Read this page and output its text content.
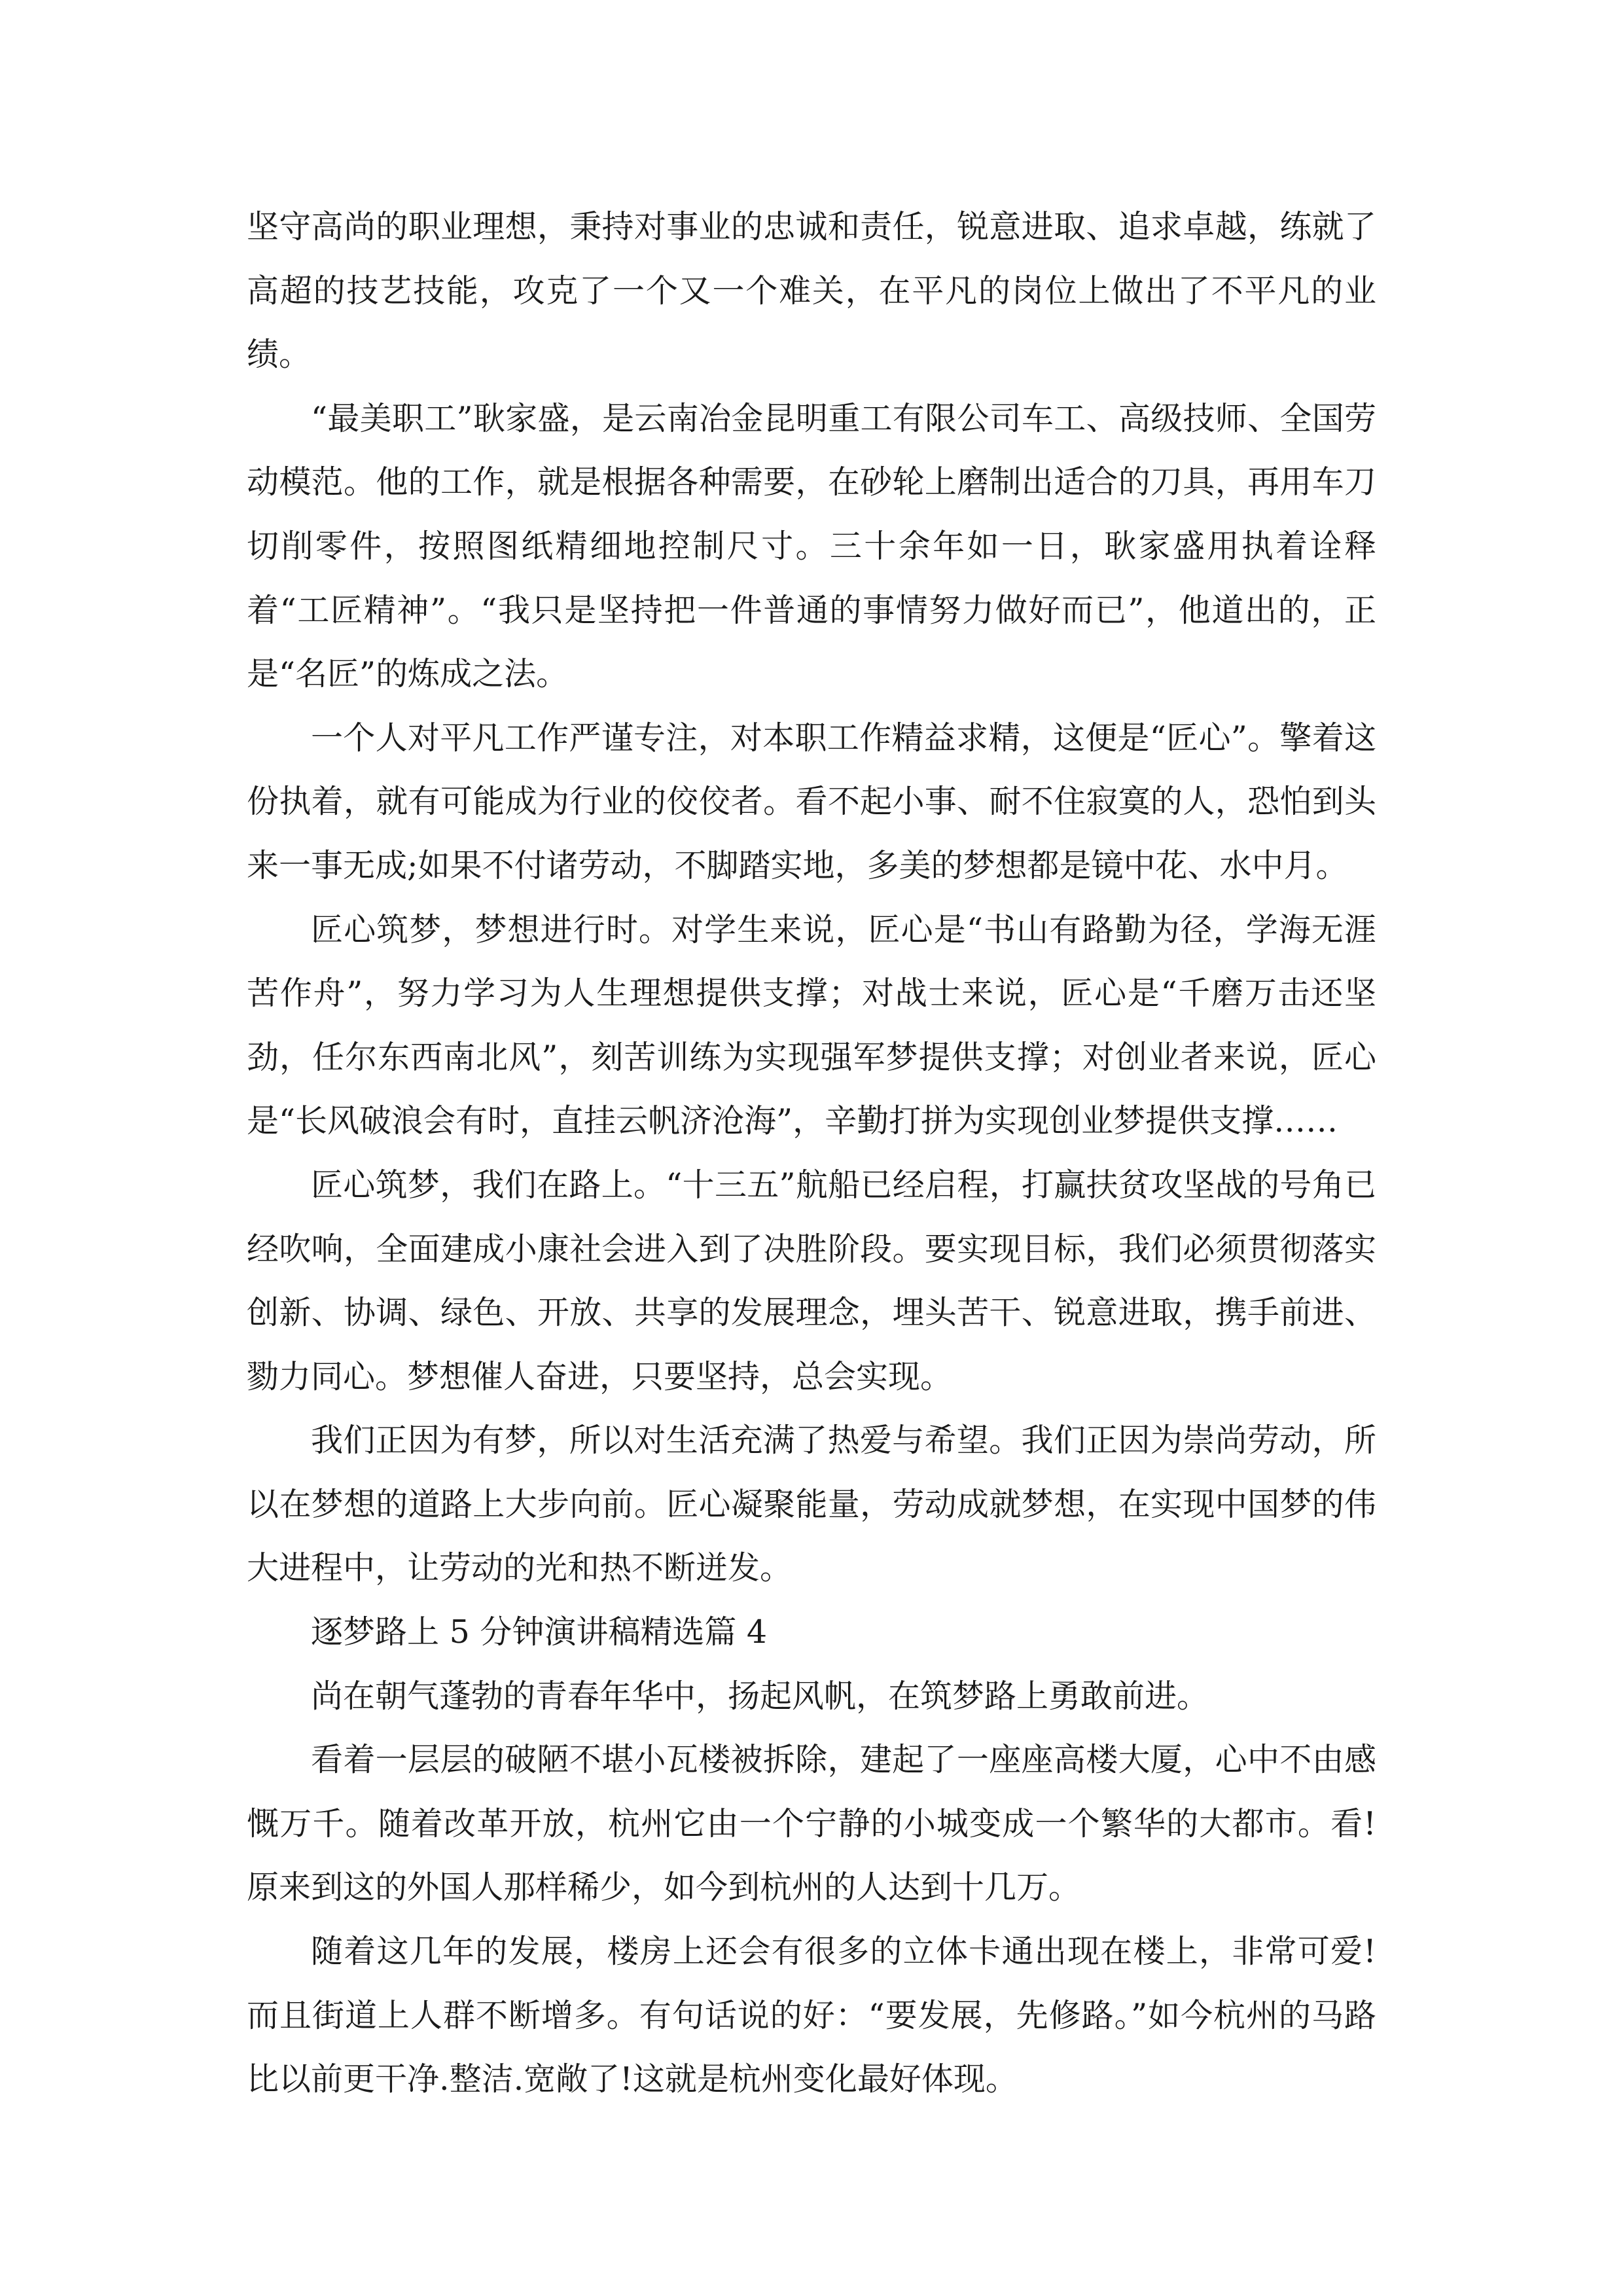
坚守高尚的职业理想，秉持对事业的忠诚和责任，锐意进取、追求卓越，练就了高超的技艺技能，攻克了一个又一个难关，在平凡的岗位上做出了不平凡的业绩。

“最美职工”耿家盛，是云南冶金昆明重工有限公司车工、高级技师、全国劳动模范。他的工作，就是根据各种需要，在砂轮上磨制出适合的刀具，再用车刀切削零件，按照图纸精细地控制尺寸。三十余年如一日，耿家盛用执着诠释着“工匠精神”。“我只是坚持把一件普通的事情努力做好而已”，他道出的，正是“名匠”的炼成之法。

一个人对平凡工作严谨专注，对本职工作精益求精，这便是“匠心”。擎着这份执着，就有可能成为行业的佼佼者。看不起小事、耐不住寂寞的人，恐怕到头来一事无成;如果不付诸劳动，不脚踏实地，多美的梦想都是镜中花、水中月。

匠心筑梦，梦想进行时。对学生来说，匠心是“书山有路勤为径，学海无涯苦作舟”，努力学习为人生理想提供支撑；对战士来说，匠心是“千磨万击还坚劲，任尔东西南北风”，刻苦训练为实现强军梦提供支撑；对创业者来说，匠心是“长风破浪会有时，直挂云帆济沧海”，辛勤打拼为实现创业梦提供支撑……

匠心筑梦，我们在路上。“十三五”航船已经启程，打赢扶贫攻坚战的号角已经吹响，全面建成小康社会进入到了决胜阶段。要实现目标，我们必须贯彻落实创新、协调、绿色、开放、共享的发展理念，埋头苦干、锐意进取，携手前进、勠力同心。梦想催人奋进，只要坚持，总会实现。

我们正因为有梦，所以对生活充满了热爱与希望。我们正因为崇尚劳动，所以在梦想的道路上大步向前。匠心凝聚能量，劳动成就梦想，在实现中国梦的伟大进程中，让劳动的光和热不断迸发。

逐梦路上 5 分钟演讲稿精选篇 4

尚在朝气蓬勃的青春年华中，扬起风帆，在筑梦路上勇敢前进。

看着一层层的破陋不堪小瓦楼被拆除，建起了一座座高楼大厦，心中不由感慨万千。随着改革开放，杭州它由一个宁静的小城变成一个繁华的大都市。看!原来到这的外国人那样稀少，如今到杭州的人达到十几万。

随着这几年的发展，楼房上还会有很多的立体卡通出现在楼上，非常可爱!而且街道上人群不断增多。有句话说的好：“要发展，先修路。”如今杭州的马路比以前更干净.整洁.宽敞了!这就是杭州变化最好体现。
